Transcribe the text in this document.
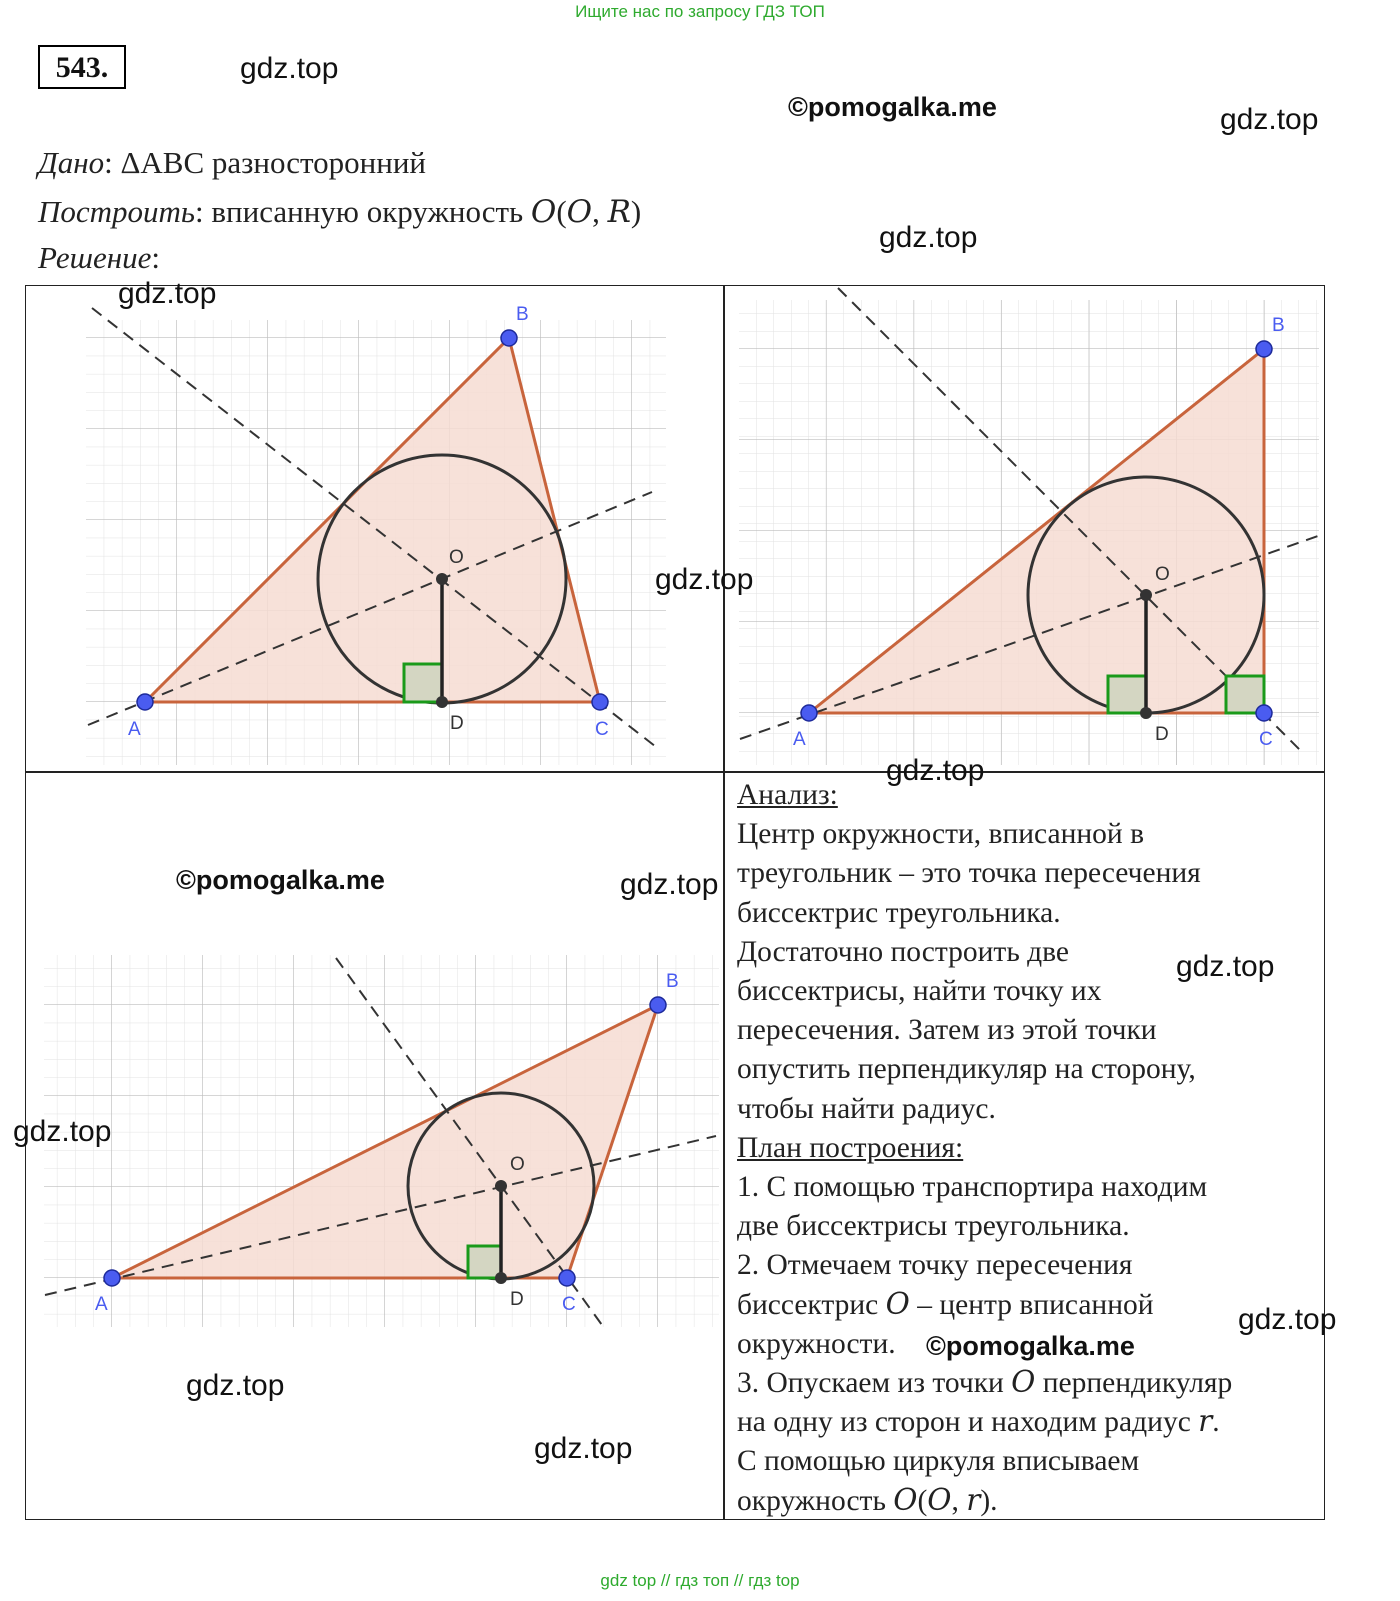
Ищите нас по запросу ГДЗ ТОП
543.	gdz.top
©pomogalka.me	gdz.top
gdz.top
Дано: ΔABC разносторонний
Построить: вписанную окружность 𝑂(𝑂, 𝑅)
Решение:
A
B
C
O
D
A
B
C
O
D
A
B
C
O
D
gdz.top
gdz.top
gdz.top
©pomogalka.me	gdz.top
gdz.top
gdz.top
gdz.top
Анализ:
Центр окружности, вписанной в
треугольник – это точка пересечения
биссектрис треугольника.
Достаточно построить две
биссектрисы, найти точку их
пересечения. Затем из этой точки
опустить перпендикуляр на сторону,
чтобы найти радиус.
План построения:
1. С помощью транспортира находим
две биссектрисы треугольника.
2. Отмечаем точку пересечения
биссектрис 𝑂 – центр вписанной
окружности.
3. Опускаем из точки 𝑂 перпендикуляр
на одну из сторон и находим радиус 𝑟.
С помощью циркуля вписываем
окружность 𝑂(𝑂, 𝑟).
gdz.top
gdz.top
©pomogalka.me
gdz top // гдз топ // гдз top
